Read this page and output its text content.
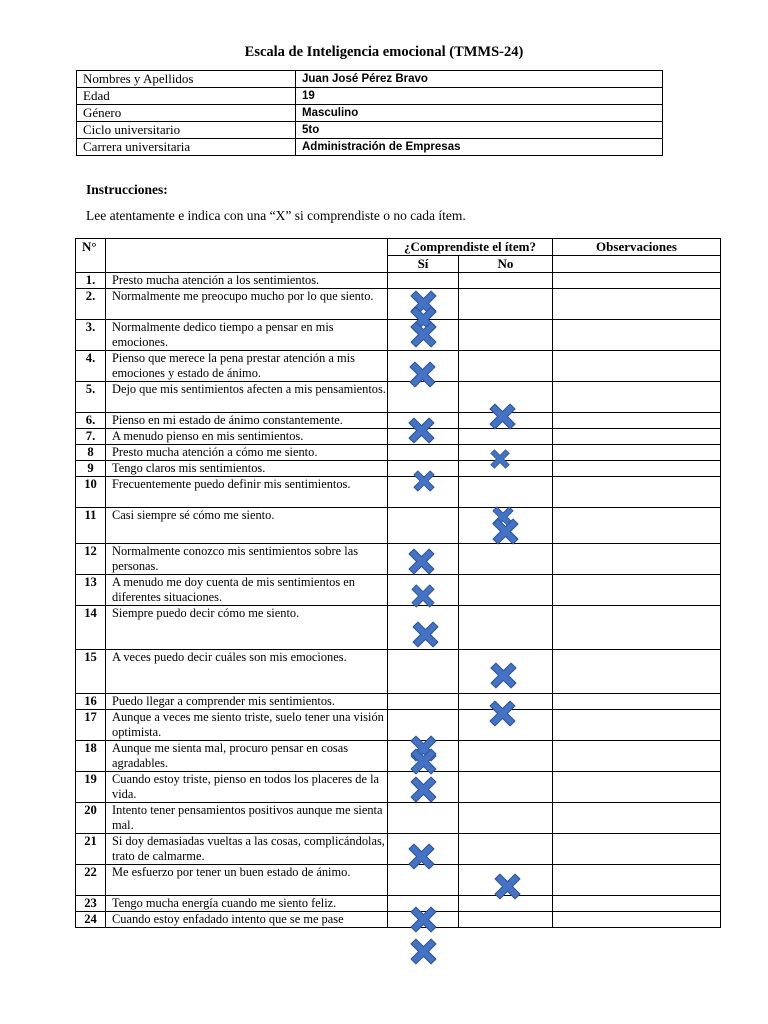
Escala de Inteligencia emocional (TMMS-24)
Nombres y Apellidos	Juan José Pérez Bravo
Edad	19
Género	Masculino
Ciclo universitario	5to
Carrera universitaria	Administración de Empresas
Instrucciones:
Lee atentamente e indica con una “X” si comprendiste o no cada ítem.
N°		¿Comprendiste el ítem?		Observaciones
		Sí	No	
1.	Presto mucha atención a los sentimientos.			
2.	Normalmente me preocupo mucho por lo que siento.			
3.	Normalmente dedico tiempo a pensar en mis emociones.			
4.	Pienso que merece la pena prestar atención a mis emociones y estado de ánimo.			
5.	Dejo que mis sentimientos afecten a mis pensamientos.			
6.	Pienso en mi estado de ánimo constantemente.			
7.	A menudo pienso en mis sentimientos.			
8	Presto mucha atención a cómo me siento.			
9	Tengo claros mis sentimientos.			
10	Frecuentemente puedo definir mis sentimientos.			
11	Casi siempre sé cómo me siento.			
12	Normalmente conozco mis sentimientos sobre las personas.			
13	A menudo me doy cuenta de mis sentimientos en diferentes situaciones.			
14	Siempre puedo decir cómo me siento.			
15	A veces puedo decir cuáles son mis emociones.			
16	Puedo llegar a comprender mis sentimientos.			
17	Aunque a veces me siento triste, suelo tener una visión optimista.			
18	Aunque me sienta mal, procuro pensar en cosas agradables.			
19	Cuando estoy triste, pienso en todos los placeres de la vida.			
20	Intento tener pensamientos positivos aunque me sienta mal.			
21	Si doy demasiadas vueltas a las cosas, complicándolas, trato de calmarme.			
22	Me esfuerzo por tener un buen estado de ánimo.			
23	Tengo mucha energía cuando me siento feliz.			
24	Cuando estoy enfadado intento que se me pase			
